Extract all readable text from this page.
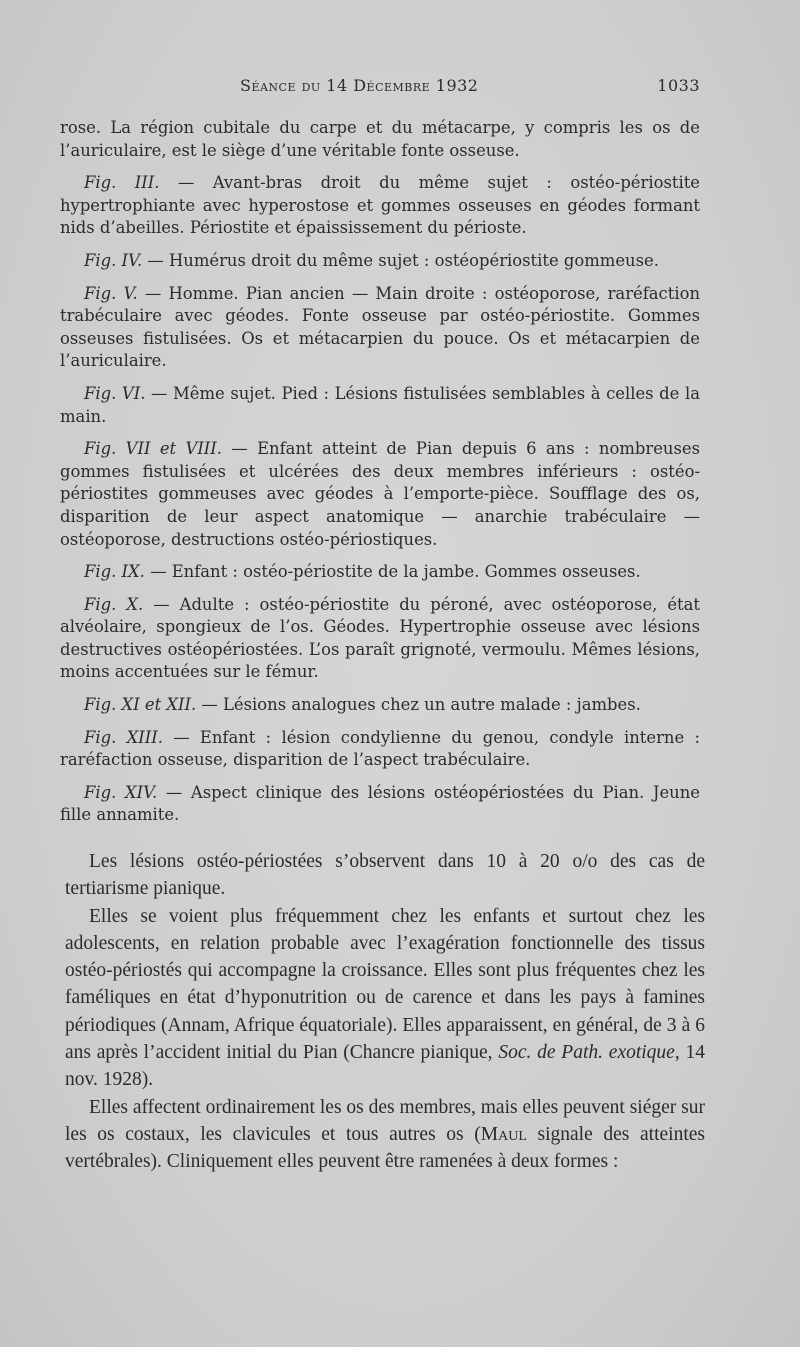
Séance du 14 Décembre 1932	1033

rose. La région cubitale du carpe et du métacarpe, y compris les os de l’auriculaire, est le siège d’une véritable fonte osseuse.

Fig. III. — Avant-bras droit du même sujet : ostéo-périostite hypertrophiante avec hyperostose et gommes osseuses en géodes formant nids d’abeilles. Périostite et épaississement du périoste.

Fig. IV. — Humérus droit du même sujet : ostéopériostite gommeuse.

Fig. V. — Homme. Pian ancien — Main droite : ostéoporose, raréfaction trabéculaire avec géodes. Fonte osseuse par ostéo-périostite. Gommes osseuses fistulisées. Os et métacarpien du pouce. Os et métacarpien de l’auriculaire.

Fig. VI. — Même sujet. Pied : Lésions fistulisées semblables à celles de la main.

Fig. VII et VIII. — Enfant atteint de Pian depuis 6 ans : nombreuses gommes fistulisées et ulcérées des deux membres inférieurs : ostéo-périostites gommeuses avec géodes à l’emporte-pièce. Soufflage des os, disparition de leur aspect anatomique — anarchie trabéculaire — ostéoporose, destructions ostéo-périostiques.

Fig. IX. — Enfant : ostéo-périostite de la jambe. Gommes osseuses.

Fig. X. — Adulte : ostéo-périostite du péroné, avec ostéoporose, état alvéolaire, spongieux de l’os. Géodes. Hypertrophie osseuse avec lésions destructives ostéopériostées. L’os paraît grignoté, vermoulu. Mêmes lésions, moins accentuées sur le fémur.

Fig. XI et XII. — Lésions analogues chez un autre malade : jambes.

Fig. XIII. — Enfant : lésion condylienne du genou, condyle interne : raréfaction osseuse, disparition de l’aspect trabéculaire.

Fig. XIV. — Aspect clinique des lésions ostéopériostées du Pian. Jeune fille annamite.

Les lésions ostéo-périostées s’observent dans 10 à 20 o/o des cas de tertiarisme pianique.

Elles se voient plus fréquemment chez les enfants et surtout chez les adolescents, en relation probable avec l’exagération fonctionnelle des tissus ostéo-périostés qui accompagne la croissance. Elles sont plus fréquentes chez les faméliques en état d’hyponutrition ou de carence et dans les pays à famines périodiques (Annam, Afrique équatoriale). Elles apparaissent, en général, de 3 à 6 ans après l’accident initial du Pian (Chancre pianique, Soc. de Path. exotique, 14 nov. 1928).

Elles affectent ordinairement les os des membres, mais elles peuvent siéger sur les os costaux, les clavicules et tous autres os (Maul signale des atteintes vertébrales). Cliniquement elles peuvent être ramenées à deux formes :
